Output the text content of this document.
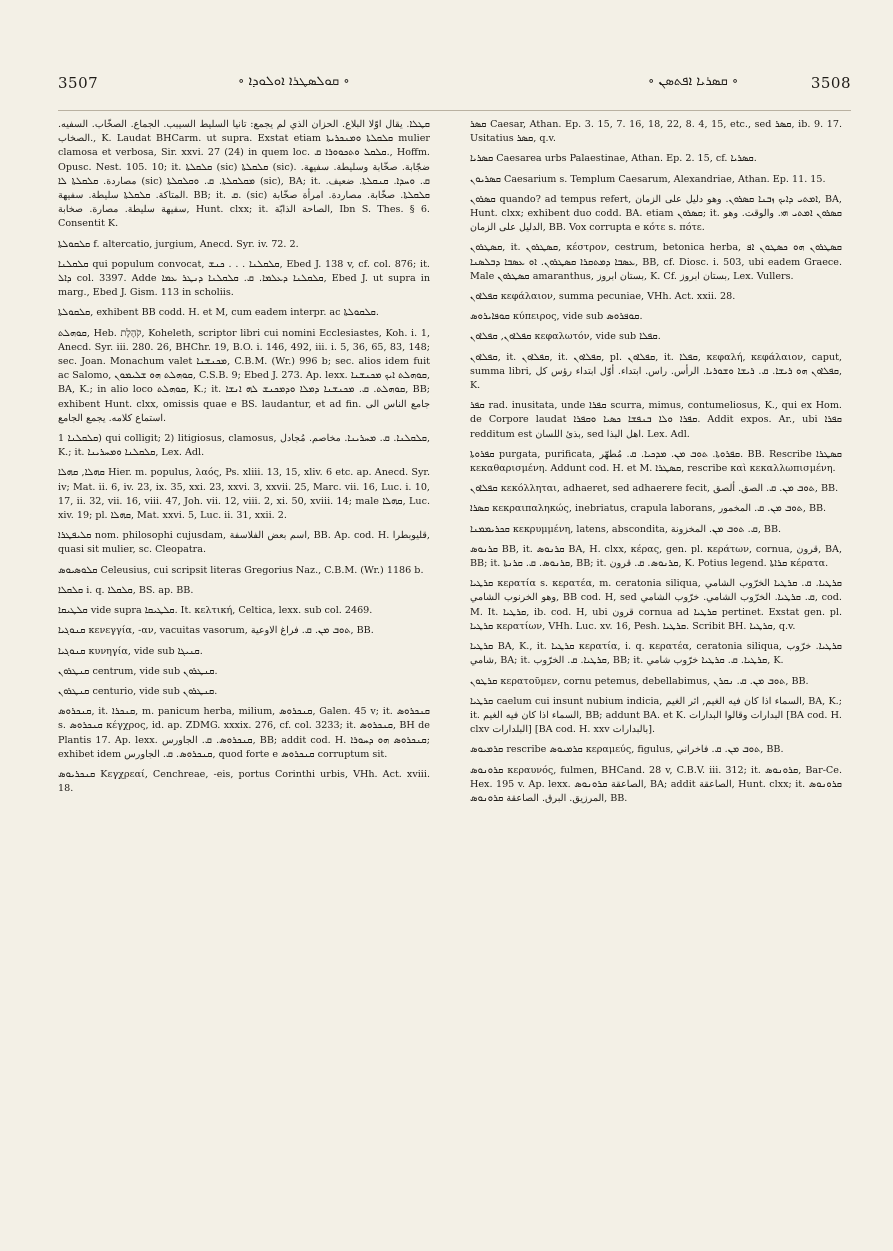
3507	∘ ܩܘܠܣܛܪܐ ܐܘܠܘܕܐ ∘	∘ ܩܣܪܝܐ ܐܦܬܣܢ ∘	3508

ܩܛܠܐ. يقال اوّلا البلاع. الحزان الذي لم يجمع: تانيا السليط السيبب. الجماع. الصخّاب. السفيه. الصخاب., K. Laudat BHCarm. ut supra. Exstat etiam ܩܠܩܠܬܐ ܘܡܢܟܪܝܬܐ mulier clamosa et verbosa, Sir. xxvi. 27 (24) in quem loc. ܩܠܩܠ ܘܬܟܘܘܪܐ ܩ., Hoffm. Opusc. Nest. 105. 10; it. ܩܠܩܠܬܐ (sic) ܩܠܩܠܬܐ (sic). ضجّابة. صخّابة وسليطة. سفيهة. مصاردة. ܩܠܩܠܬܐ ܠܐ (sic) ܡܩܠܩܠܬܐ. ܩ. ܘܩܠܩܠܬܐ (sic), BA; it. ܩ. ܘܚܕܐ. ܩܢܩܠܬܐ. ضعيف. المتاكة. ܩܠܩܠܬܐ سليطة. سفيهة. BB; it. ܩ. (sic) ܩܠܩܠܬܐ. صخّابة. مصاردة. امرأة صخّابة سفيهة سليطة. مصارة. صخابة, Hunt. clxx; it. الصاحة الذابّة, Ibn S. Thes. § 6. Consentit K.

ܩܠܩܘܠܬܐ f. altercatio, jurgium, Anecd. Syr. iv. 72. 2.

ܩܠܩܠܢܐ qui populum convocat, ܩܠܩܠܢܐ . . . ܟܢܫ, Ebed J. 138 v, cf. col. 876; it. ܕܐܠ col. 3397. Adde ܩܠܩܠܢܐ ܕܥܠܡܐ. ܩ. ܩܠܩܠܢܐ ܕܢܛܪ ܥܡܐ, Ebed J. ut supra in marg., Ebed J. Gism. 113 in scholiis.

ܩܠܩܘܠܬܐ, exhibent BB codd. H. et M, cum eadem interpr. ac ܩܠܩܘܠܬܐ.

ܩܘܗܠܬ, Heb. קֹהֶלֶת, Koheleth, scriptor libri cui nomini Ecclesiastes, Koh. i. 1, Anecd. Syr. iii. 280. 26, BHChr. 19, B.O. i. 146, 492, iii. i. 5, 36, 65, 83, 148; sec. Joan. Monachum valet ܡܟܢܫܢܐ, C.B.M. (Wr.) 996 b; sec. alios idem fuit ac Salomo, ܩܘܗܠܬ ܗܘ ܫܠܝܡܘܢ, C.S.B. 9; Ebed J. 273. Ap. lexx. ܩܘܗܠܬ ܐܝܟ ܡܟܢܫܢܐ, BA, K.; in alio loco ܩܘܗܠܬ, K.; it. ܩܘܗܠܬ. ܩ. ܡܟܢܫܢܐ ܕܡܠܐ ܘܕܡܟܢܫ ܠܗ ܐܢܫܐ, BB; exhibent Hunt. clxx, omissis quae e BS. laudantur, et ad fin. جامع الناس الى استماع كلامه. يجمع الجامع.

ܩܠܩܠܢܐ 1) qui colligit; 2) litigiosus, clamosus, ܩܠܩܠܢܐ. ܩ. ܡܚܪܝܢܐ. مخاصم. مُجادل, K.; it. ܩܠܩܠܢܐ ܘܡܚܪܝܢܐ, Lex. Adl.

ܩܗܠܐ, ܩܗܠܐ Hier. m. populus, λαός, Ps. xliii. 13, 15, xliv. 6 etc. ap. Anecd. Syr. iv; Mat. ii. 6, iv. 23, ix. 35, xxi. 23, xxvi. 3, xxvii. 25, Marc. vii. 16, Luc. i. 10, 17, ii. 32, vii. 16, viii. 47, Joh. vii. 12, viii. 2, xi. 50, xviii. 14; male ܩܗܠܐ, Luc. xiv. 19; pl. ܩܗܠܐ, Mat. xxvi. 5, Luc. ii. 31, xxii. 2.

ܩܠܝܦܛܪܐ nom. philosophi cujusdam, اسم بعض الفلاسفة, BB. Ap. cod. H. قليوبطرا, quasi sit mulier, sc. Cleopatra.

ܩܠܘܣܝܘܣ Celeusius, cui scripsit literas Gregorius Naz., C.B.M. (Wr.) 1186 b.

ܩܠܩܠܐ i. q. ܩܠܩܠܐ, BS. ap. BB.

ܩܠܛܝܩܐ vide supra ܩܠܛܝܩܐ. It. κελτική, Celtica, lexx. sub col. 2469.

ܩܢܘܓܝܐ κενεγγία, -αν, vacuitas vasorum, ܬܘܒ ܡܢ. ܩ. فراغ الاوعية, BB.

ܩܢܘܓܝܐ κυνηγία, vide sub ܩܢܝܓܐ.

ܩܢܛܪܘܢ centrum, vide sub ܩܢܛܪܘܢ.

ܩܢܛܪܘܢ centurio, vide sub ܩܢܛܪܘܢ.

ܩܢܟܪܘܣ, it. ܩܢܟܪܐ, m. panicum herba, milium, ܩܢܟܪܘܣ, Galen. 45 v; it. ܩܢܟܪܘܣ s. ܩܢܟܪܘܣ κέγχρος, id. ap. ZDMG. xxxix. 276, cf. col. 3233; it. ܩܢܟܪܘܣ, BH de Plantis 17. Ap. lexx. ܩܢܟܪܘܣ. ܩ. الجاورس, BB; addit cod. H. ܩܢܟܪܘܣ ܗܘ ܕܚܘܪܐ; exhibet idem ܩܢܟܪܘܣ. ܩ. الجاورس, quod forte e ܩܢܟܪܘܣ corruptum sit.

ܩܢܟܪܝܘܣ Κεγχρεαί, Cenchreae, -eis, portus Corinthi urbis, VHh. Act. xviii. 18.

ܩܣܪ Caesar, Athan. Ep. 3. 15, 7. 16, 18, 22, 8. 4, 15, etc., sed ܩܣܪ, ib. 9. 17. Usitatius ܩܣܪ, q.v.

ܩܣܪܝܐ Caesarea urbs Palaestinae, Athan. Ep. 2. 15, cf. ܩܣܪܝܐ.

ܩܣܪܝܘܢ Caesarium s. Templum Caesarum, Alexandriae, Athan. Ep. 11. 15.

ܩܣܪܘܢ quando? ad tempus refert, ܐܡܬܝ ܕܐܝܟ ܙܒܢܐ ܩܣܪܘܢ. وهو دليل على الزمان, BA, Hunt. clxx; exhibent duo codd. BA. etiam ܩܣܪܘܢ; it. ܩܣܪܘܢ ܐܡܬܝ ܗܝ. والوقت. وهو الدليل على الزمان, BB. Vox corrupta e κότε s. πότε.

ܩܣܛܪܘܢ, it. ܩܣܛܪܘܢ, κέστρον, cestrum, betonica herba, ܩܣܛܪܘܢ ܗܘ ܟܣܛܘܢ ܐܦ ܥܣܒܐ ܕܡܬܩܪܐ ܩܣܛܪܘܢ. ܐܘ ܥܣܒܐ ܕܒܠܣܢܐ, BB, cf. Diosc. i. 503, ubi eadem Graece. Male ܩܣܛܪܘܢ amaranthus, بستان ابروز, K. Cf. بستان ابروز, Lex. Vullers.

ܩܦܠܐܘܢ κεφάλαιον, summa pecuniae, VHh. Act. xxii. 28.

ܩܘܦܐܝܪܘܣ κύπειρος, vide sub ܩܘܦܪܘܣ.

ܩܦܠܐܘܢ, ܩܦܠܐܘܢ κεφαλωτόν, vide sub ܩܦܠܐ.

ܩܦܠܐܘܢ, it. ܩܦܠܐܘܢ, it. ܩܦܠܐܘܢ, pl. ܩܦܠܐܘܢ, it. ܩܦܠܐ, κεφαλή, κεφάλαιον, caput, summa libri, ܩܦܠܐܘܢ ܗܘ ܪܝܫܐ. ܩ. ܪܝܫܐ ܘܫܘܪܝܐ. الرأس. راس. ابتداء. أوّل ابتداء رؤس كل, K.

ܩܦܪ rad. inusitata, unde ܩܦܪܐ scurra, mimus, contumeliosus, K., qui ex Hom. de Corpore laudat ܩܦܪܐ ܘܠܐ ܒܢܦܫܐ ܟܣܝܐ ܘܩܦܪܐ. Addit expos. Ar., ubi ܩܦܪܐ redditum est بذئ اللسان, sed اهل البذا. Lex. Adl.

ܩܦܪܘܬܐ purgata, purificata, ܩܦܪܘܬܐ. ܬܘܒ ܡܢ. ܡܕܟܝܐ. ܩ. مُطهّر. BB. Rescribe ܩܣܛܪܐ κεκαθαρισμένη. Addunt cod. H. et M. ܩܣܛܪܐ, rescribe καὶ κεκαλλωπισμένη.

ܩܦܠܐܘܢ κεκόλληται, adhaeret, sed adhaerere fecit, ܬܘܒ ܡܢ. ܩ. الصق. ألصق, BB.

ܩܣܪܐ κεκραιπαληκώς, inebriatus, crapula laborans, ܬܘܒ ܡܢ. ܩ. المخمور, BB.

ܩܟܪܝܡܡܢܐ κεκρυμμένη, latens, abscondita, ܩ. ܬܘܒ ܡܢ. المخزونة, BB.

ܩܪܢܘܣ BB, it. ܩܪܢܘܣ BA, H. clxx, κέρας, gen. pl. κεράτων, cornua, قرون, BA, BB; it. ܩܪܢܘܣ. ܩ. ܩܪܢܬܐ, BB; it. ܩܪܢܘܣ. ܩ. قرون, K. Potius legend. ܩܪܐܬܐ κέρατα.

ܩܪܛܝܐ κερατία s. κερατέα, m. ceratonia siliqua, ܩܪܛܝܐ. ܩ. ܩܪܛܝܐ الخرّوب الشامي وهو الخرنوب الشامي, BB cod. H, sed ܩ. ܩܪܛܝܐ. الخرّوب الشامي. خرّوب الشامي, cod. M. It. ܩܪܛܝܐ, ib. cod. H, ubi قرون cornua ad ܩܪܛܝܐ pertinet. Exstat gen. pl. ܩܪܛܝܐ κερατίων, VHh. Luc. xv. 16, Pesh. ܩܪܛܝܐ. Scribit BH. ܩܪܛܝܐ, q.v.

ܩܪܛܝܐ BA, K., it. ܩܪܛܝܐ κερατία, i. q. κερατέα, ceratonia siliqua, ܩܪܛܝܐ. خرّوب شامي, BA; it. ܩܪܛܝܐ. ܩ. الخرّوب, BB; it. ܩܪܛܝܐ. ܩ. ܩܪܛܝܐ خرّوب شامي, K.

ܩܪܛܘܢ κερατοῦμεν, cornu petemus, debellabimus, ܬܘܒ ܡܢ. ܩ. ܢܩܪܢ, BB.

ܩܪܛܝܐ caelum cui insunt nubium indicia, السماء اذا كان فيه الغيم, اثر الغيم, BA, K.; it. السماء اذا كان فيه الغيم, BB; addunt BA. et K. البدارات وقالوا البدارات [BA cod. H. clxv البلدارات] [BA cod. H. xxv بالبدارات].

ܩܪܡܝܘܣ rescribe ܩܪܡܝܘܣ κεραμεύς, figulus, ܬܘܒ ܡܢ. ܩ. فاخراني, BB.

ܩܪܘܢܘܣ κεραυνός, fulmen, BHCand. 28 v, C.B.V. iii. 312; it. ܩܪܘܢܘܣ, Bar-Ce. Hex. 195 v. Ap. lexx. الصاعقة ܩܪܘܢܘܣ, BA; addit الصاعقة, Hunt. clxx; it. ܩܪܘܢܘܣ المرزيق. البرق. الصاعقة ܩܪܘܢܘܣ, BB.
